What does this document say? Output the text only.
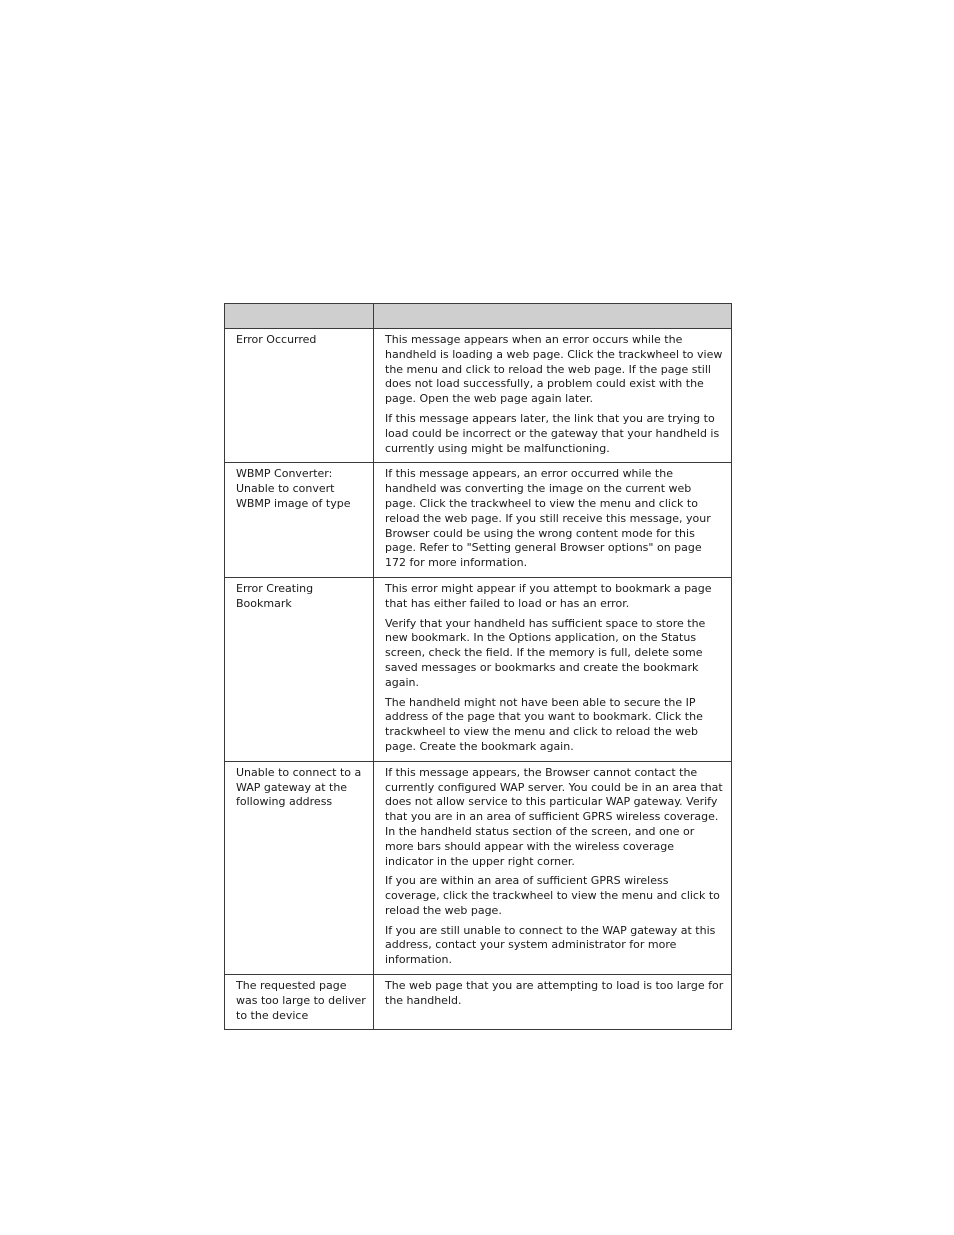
Error Occurred	This message appears when an error occurs while the handheld is loading a web page. Click the trackwheel to view the menu and click to reload the web page. If the page still does not load successfully, a problem could exist with the page. Open the web page again later.

If this message appears later, the link that you are trying to load could be incorrect or the gateway that your handheld is currently using might be malfunctioning.

WBMP Converter: Unable to convert WBMP image of type	If this message appears, an error occurred while the handheld was converting the image on the current web page. Click the trackwheel to view the menu and click to reload the web page. If you still receive this message, your Browser could be using the wrong content mode for this page. Refer to "Setting general Browser options" on page 172 for more information.

Error Creating Bookmark	This error might appear if you attempt to bookmark a page that has either failed to load or has an error.

Verify that your handheld has sufficient space to store the new bookmark. In the Options application, on the Status screen, check the field. If the memory is full, delete some saved messages or bookmarks and create the bookmark again.

The handheld might not have been able to secure the IP address of the page that you want to bookmark. Click the trackwheel to view the menu and click to reload the web page. Create the bookmark again.

Unable to connect to a WAP gateway at the following address	If this message appears, the Browser cannot contact the currently configured WAP server. You could be in an area that does not allow service to this particular WAP gateway. Verify that you are in an area of sufficient GPRS wireless coverage. In the handheld status section of the screen, and one or more bars should appear with the wireless coverage indicator in the upper right corner.

If you are within an area of sufficient GPRS wireless coverage, click the trackwheel to view the menu and click to reload the web page.

If you are still unable to connect to the WAP gateway at this address, contact your system administrator for more information.

The requested page was too large to deliver to the device	The web page that you are attempting to load is too large for the handheld.
